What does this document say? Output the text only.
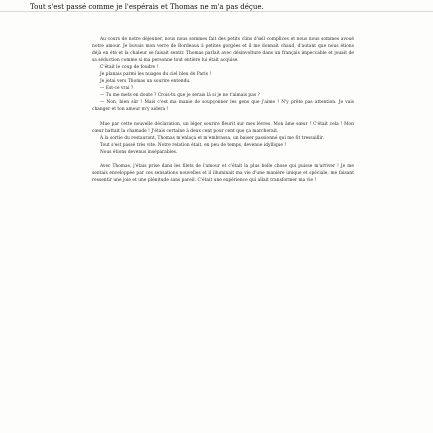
Tout s'est passé comme je l'espérais et Thomas ne m'a pas déçue.

Au cours de notre déjeuner, nous nous sommes fait des petits clins d'œil complices et nous nous sommes avoué notre amour. Je buvais mon verre de Bordeaux à petites gorgées et il me donnait chaud, d'autant que nous étions déjà en été et la chaleur se faisait sentir. Thomas parlait avec désinvolture dans un français impeccable et jouait de sa séduction comme si ma personne tout entière lui était acquise.

C'était le coup de foudre !

Je planais parmi les nuages du ciel bleu de Paris !

Je jetai vers Thomas un sourire entendu.

— Est-ce vrai ?

— Tu me mets en doute ? Crois-tu que je serais là si je ne t'aimais pas ?

— Non, bien sûr ! Mais c'est ma manie de soupçonner les gens que j'aime ! N'y prête pas attention. Je vais changer et ton amour m'y aidera !

Mue par cette nouvelle déclaration, un léger sourire fleurit sur mes lèvres. Mon âme sœur ! C'était cela ! Mon cœur battait la chamade ! J'étais certaine à deux cent pour cent que ça marcherait.

À la sortie du restaurant, Thomas m'enlaça et m'embrassa, un baiser passionné qui me fit tressaillir.

Tout s'est passé très vite. Notre relation était, en peu de temps, devenue idyllique !

Nous étions devenus inséparables.

Avec Thomas, j'étais prise dans les filets de l'amour et c'était la plus belle chose qui puisse m'arriver ! Je me sentais enveloppée par ces sensations nouvelles et il illuminait ma vie d'une manière unique et spéciale, me faisant ressentir une joie et une plénitude sans pareil. C'était une expérience qui allait transformer ma vie !
